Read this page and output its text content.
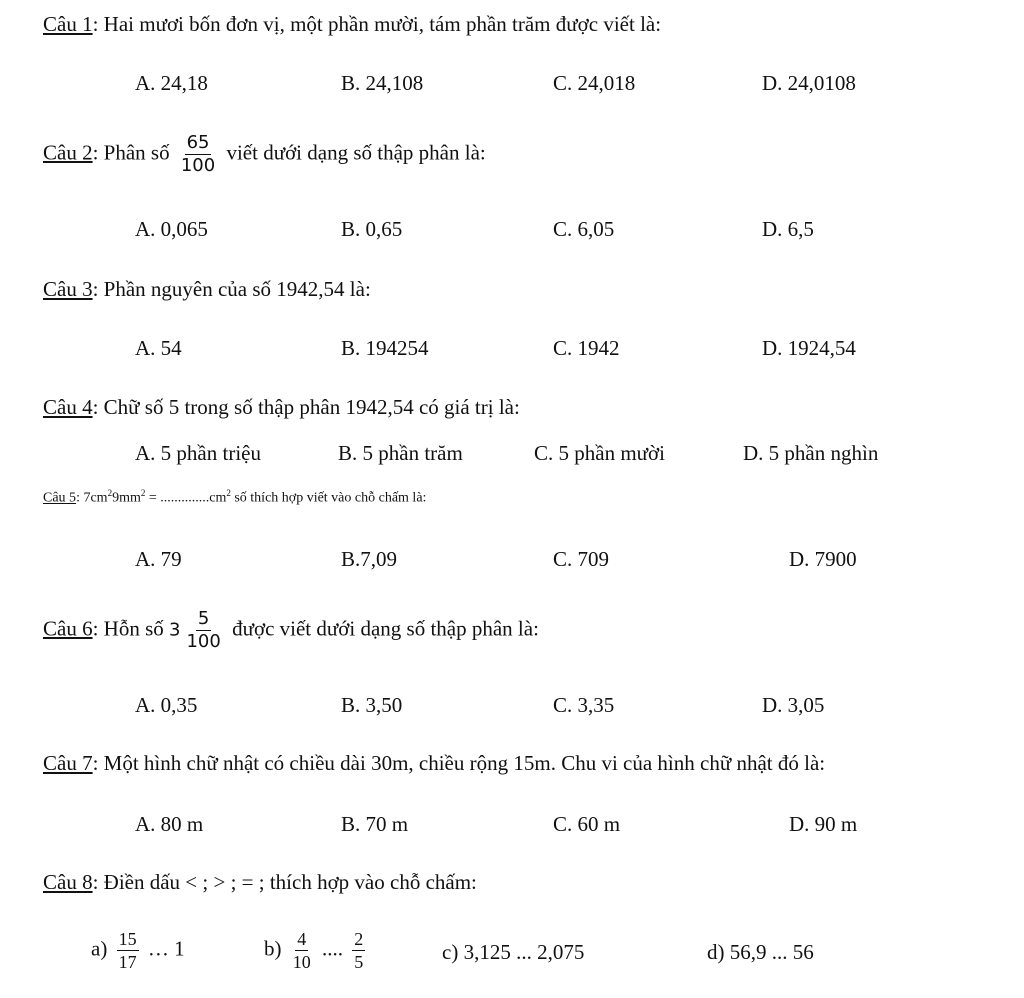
Câu 1: Hai mươi bốn đơn vị, một phần mười, tám phần trăm được viết là:
A. 24,18	B. 24,108	C. 24,018	D. 24,0108
Câu 2: Phân số $\frac{65}{100}$ viết dưới dạng số thập phân là:
A. 0,065	B. 0,65	C. 6,05	D. 6,5
Câu 3: Phần nguyên của số 1942,54 là:
A. 54	B. 194254	C. 1942	D. 1924,54
Câu 4: Chữ số 5 trong số thập phân 1942,54 có giá trị là:
A. 5 phần triệu	B. 5 phần trăm	C. 5 phần mười	D. 5 phần nghìn
Câu 5: $7cm^29mm^2 = ..............cm^2$ số thích hợp viết vào chỗ chấm là:
A. 79	B.7,09	C. 709	D. 7900
Câu 6: Hỗn số $3 \frac{5}{100}$ được viết dưới dạng số thập phân là:
A. 0,35	B. 3,50	C. 3,35	D. 3,05
Câu 7: Một hình chữ nhật có chiều dài 30m, chiều rộng 15m. Chu vi của hình chữ nhật đó là:
A. 80 m	B. 70 m	C. 60 m	D. 90 m
Câu 8: Điền dấu < ; > ; = ; thích hợp vào chỗ chấm:
$a) \frac{15}{17}$ … 1	$b) \frac{4}{10}$ .... $\frac{2}{5}$	c) 3,125 ... 2,075	d) 56,9 ... 56
